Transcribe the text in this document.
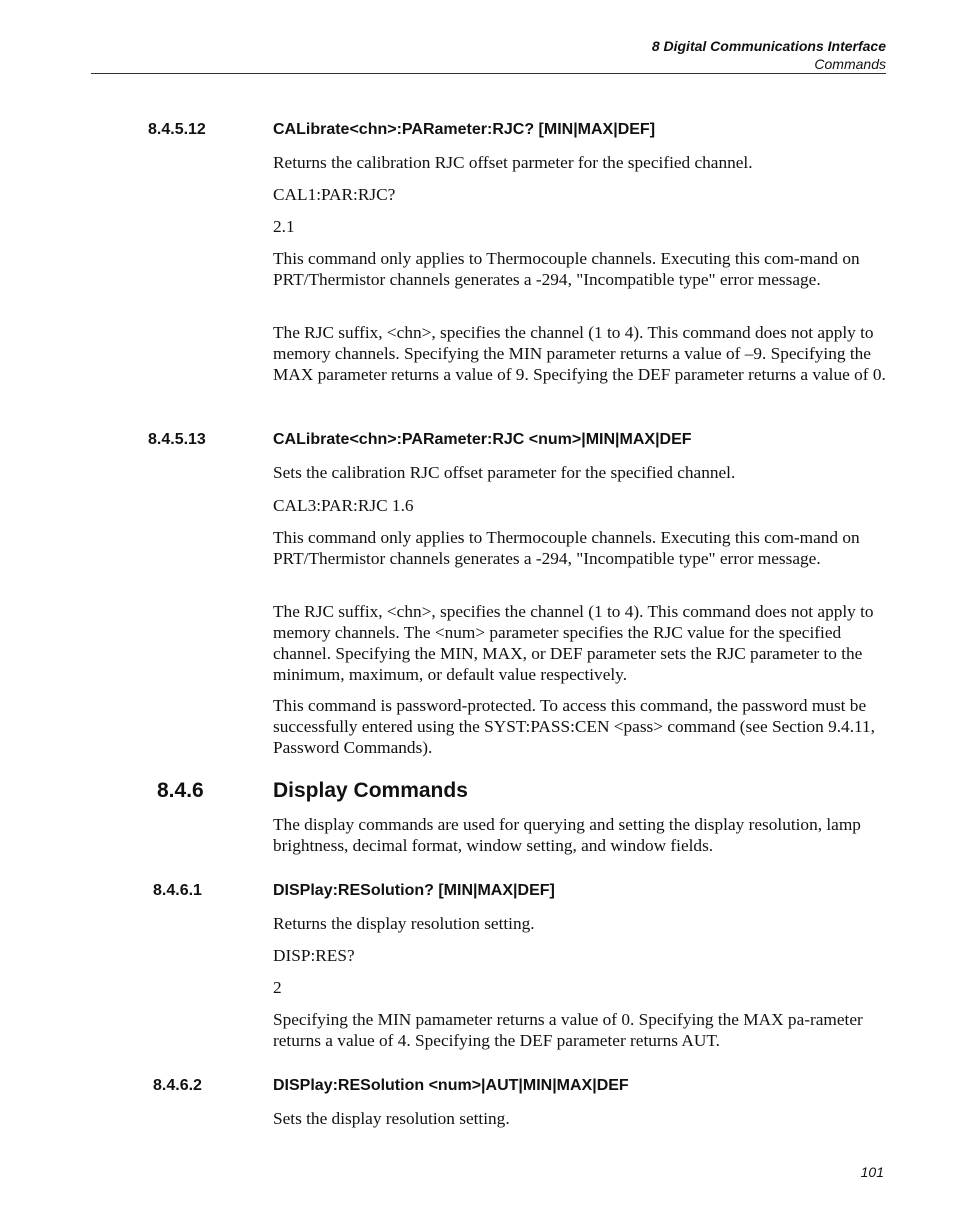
8 Digital Communications Interface
Commands
8.4.5.12	CALibrate<chn>:PARameter:RJC? [MIN|MAX|DEF]

Returns the calibration RJC offset parmeter for the specified channel.

CAL1:PAR:RJC?

2.1

This command only applies to Thermocouple channels. Executing this com-mand on PRT/Thermistor channels generates a -294, "Incompatible type" error message.

The RJC suffix, <chn>, specifies the channel (1 to 4). This command does not apply to memory channels. Specifying the MIN parameter returns a value of –9. Specifying the MAX parameter returns a value of 9. Specifying the DEF parameter returns a value of 0.

8.4.5.13	CALibrate<chn>:PARameter:RJC <num>|MIN|MAX|DEF

Sets the calibration RJC offset parameter for the specified channel.

CAL3:PAR:RJC 1.6

This command only applies to Thermocouple channels. Executing this com-mand on PRT/Thermistor channels generates a -294, "Incompatible type" error message.

The RJC suffix, <chn>, specifies the channel (1 to 4). This command does not apply to memory channels. The <num> parameter specifies the RJC value for the specified channel. Specifying the MIN, MAX, or DEF parameter sets the RJC parameter to the minimum, maximum, or default value respectively.

This command is password-protected. To access this command, the password must be successfully entered using the SYST:PASS:CEN <pass> command (see Section 9.4.11, Password Commands).

8.4.6	Display Commands

The display commands are used for querying and setting the display resolution, lamp brightness, decimal format, window setting, and window fields.

8.4.6.1	DISPlay:RESolution? [MIN|MAX|DEF]

Returns the display resolution setting.

DISP:RES?

2

Specifying the MIN pamameter returns a value of 0. Specifying the MAX pa-rameter returns a value of 4. Specifying the DEF parameter returns AUT.

8.4.6.2	DISPlay:RESolution <num>|AUT|MIN|MAX|DEF

Sets the display resolution setting.

101
